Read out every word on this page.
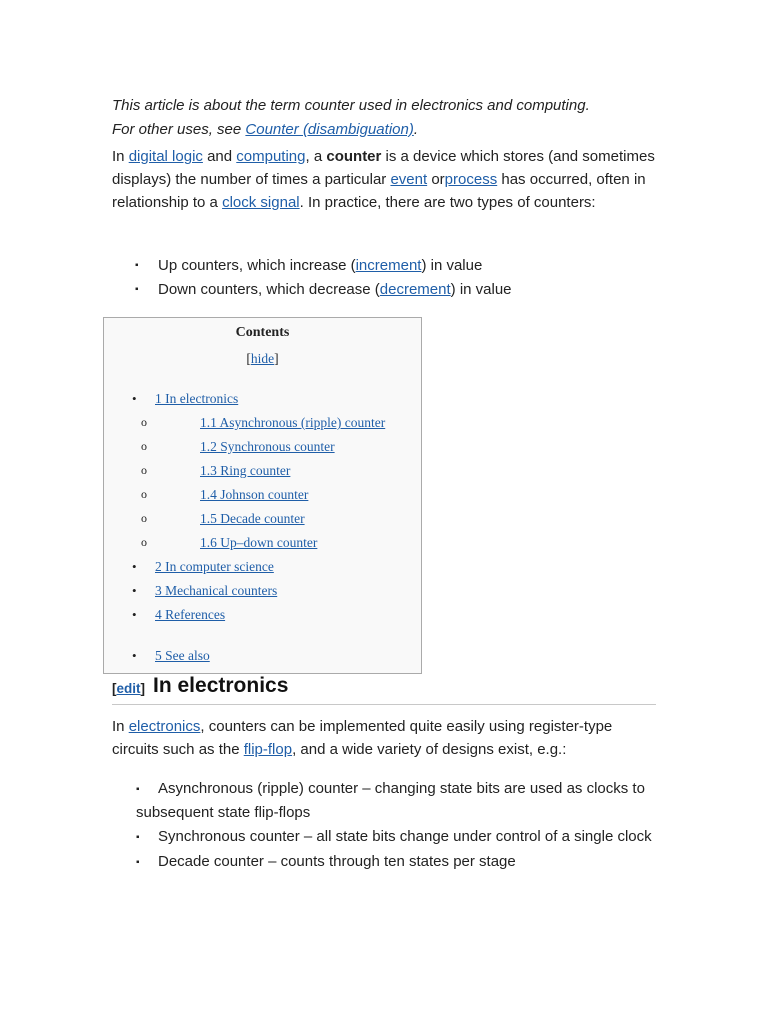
This article is about the term counter used in electronics and computing.
For other uses, see Counter (disambiguation).
In digital logic and computing, a counter is a device which stores (and sometimes displays) the number of times a particular event orprocess has occurred, often in relationship to a clock signal. In practice, there are two types of counters:
▪ Up counters, which increase (increment) in value
▪ Down counters, which decrease (decrement) in value
Contents
[hide]
• 1 In electronics
o	1.1 Asynchronous (ripple) counter
o	1.2 Synchronous counter
o	1.3 Ring counter
o	1.4 Johnson counter
o	1.5 Decade counter
o	1.6 Up–down counter
• 2 In computer science
• 3 Mechanical counters
• 4 References
• 5 See also
[edit] In electronics
In electronics, counters can be implemented quite easily using register-type circuits such as the flip-flop, and a wide variety of designs exist, e.g.:
▪ Asynchronous (ripple) counter – changing state bits are used as clocks to subsequent state flip-flops
▪ Synchronous counter – all state bits change under control of a single clock
▪ Decade counter – counts through ten states per stage
